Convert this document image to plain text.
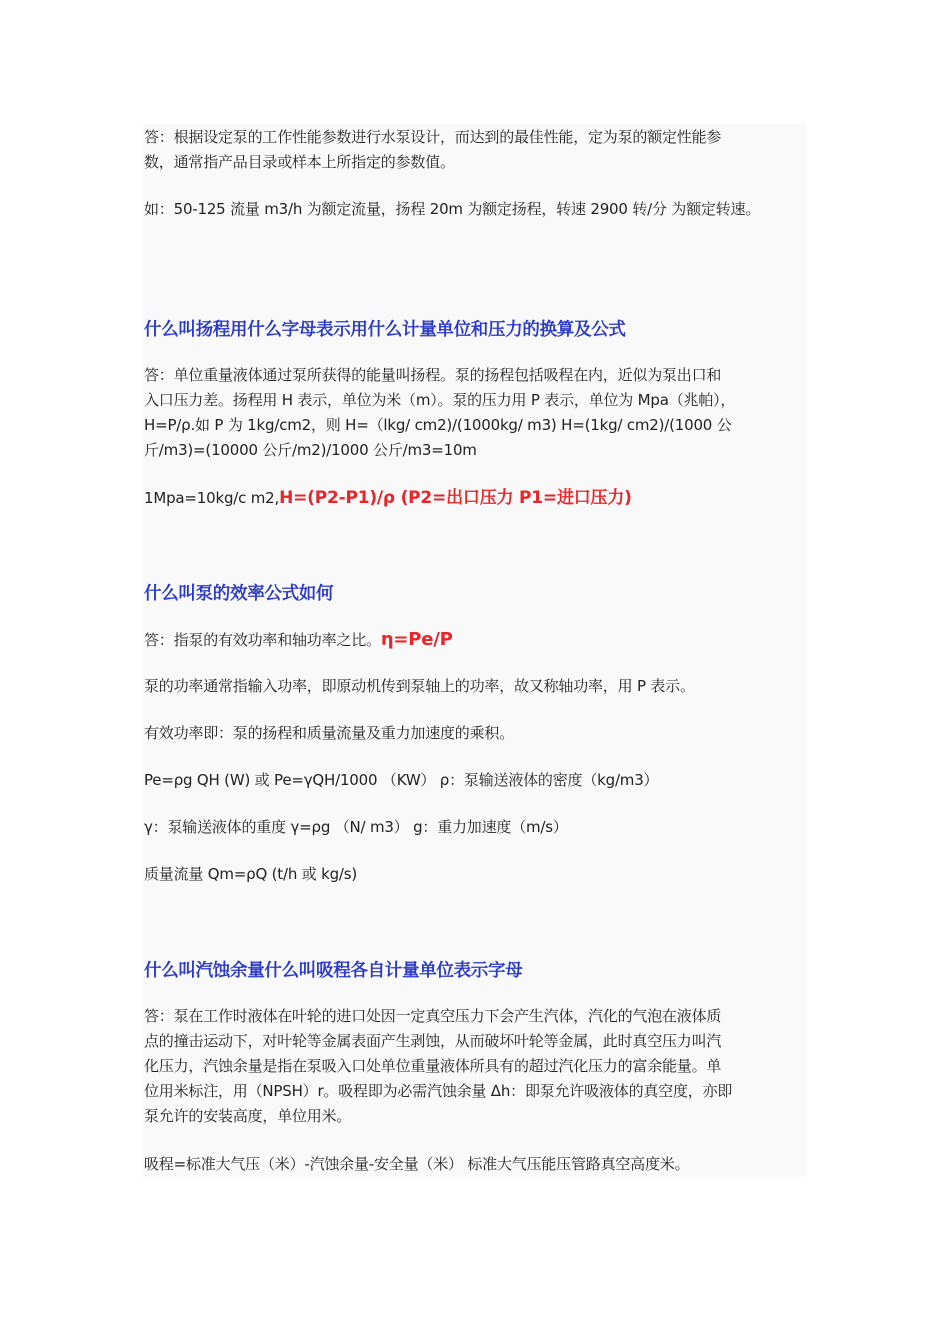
答：根据设定泵的工作性能参数进行水泵设计，而达到的最佳性能，定为泵的额定性能参
数，通常指产品目录或样本上所指定的参数值。
如：50-125 流量 m3/h 为额定流量，扬程 20m 为额定扬程，转速 2900 转/分 为额定转速。
什么叫扬程用什么字母表示用什么计量单位和压力的换算及公式
答：单位重量液体通过泵所获得的能量叫扬程。泵的扬程包括吸程在内，近似为泵出口和
入口压力差。扬程用 H 表示，单位为米（m）。泵的压力用 P 表示，单位为 Mpa（兆帕），
H=P/ρ.如 P 为 1kg/cm2，则 H=（lkg/ cm2)/(1000kg/ m3) H=(1kg/ cm2)/(1000 公
斤/m3)=(10000 公斤/m2)/1000 公斤/m3=10m
1Mpa=10kg/c m2,H=(P2-P1)/ρ (P2=出口压力 P1=进口压力)
什么叫泵的效率公式如何
答：指泵的有效功率和轴功率之比。η=Pe/P
泵的功率通常指输入功率，即原动机传到泵轴上的功率，故又称轴功率，用 P 表示。
有效功率即：泵的扬程和质量流量及重力加速度的乘积。
Pe=ρg QH (W) 或 Pe=γQH/1000 （KW） ρ：泵输送液体的密度（kg/m3）
γ：泵输送液体的重度 γ=ρg （N/ m3） g：重力加速度（m/s）
质量流量 Qm=ρQ (t/h 或 kg/s)
什么叫汽蚀余量什么叫吸程各自计量单位表示字母
答：泵在工作时液体在叶轮的进口处因一定真空压力下会产生汽体，汽化的气泡在液体质
点的撞击运动下，对叶轮等金属表面产生剥蚀，从而破坏叶轮等金属，此时真空压力叫汽
化压力，汽蚀余量是指在泵吸入口处单位重量液体所具有的超过汽化压力的富余能量。单
位用米标注，用（NPSH）r。吸程即为必需汽蚀余量 Δh：即泵允许吸液体的真空度，亦即
泵允许的安装高度，单位用米。
吸程=标准大气压（米）-汽蚀余量-安全量（米） 标准大气压能压管路真空高度米。
